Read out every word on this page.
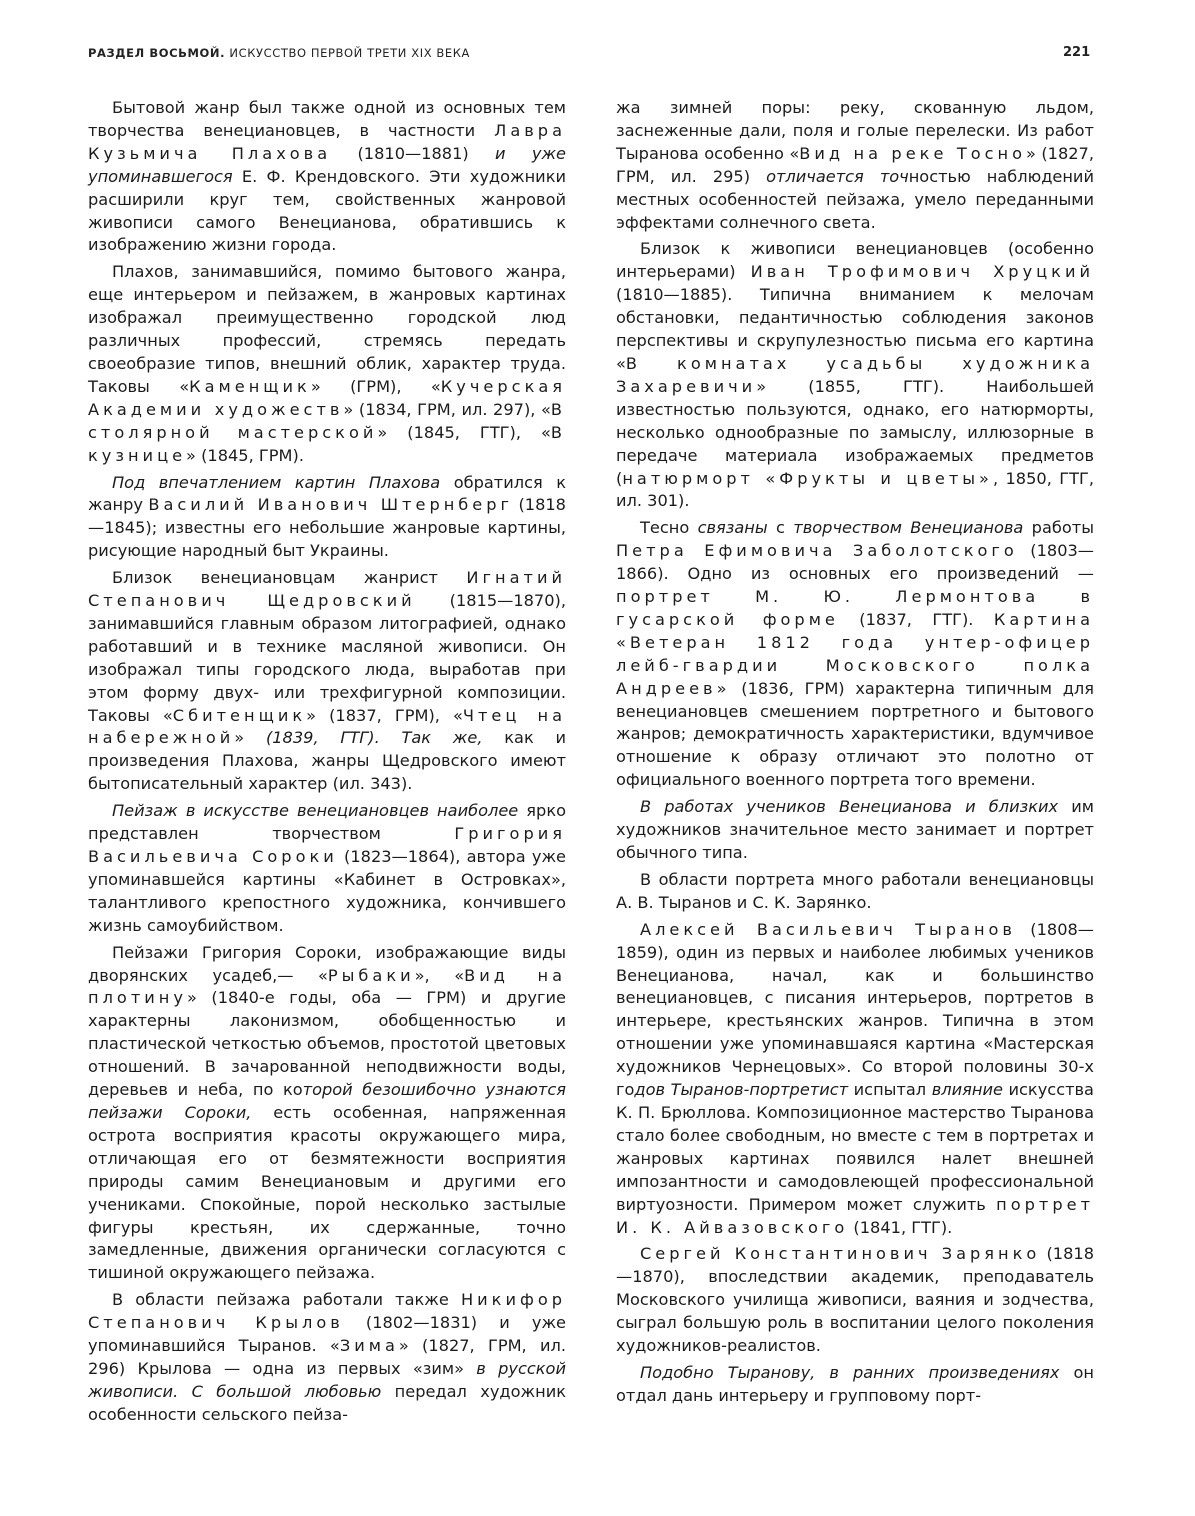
РАЗДЕЛ ВОСЬМОЙ. ИСКУССТВО ПЕРВОЙ ТРЕТИ XIX ВЕКА	221

Бытовой жанр был также одной из основных тем творчества венециановцев, в частности Лавра Кузьмича Плахова (1810—1881) и уже упоминавшегося Е. Ф. Крендовского. Эти художники расширили круг тем, свойственных жанровой живописи самого Венецианова, обратившись к изображению жизни города.

Плахов, занимавшийся, помимо бытового жанра, еще интерьером и пейзажем, в жанровых картинах изображал преимущественно городской люд различных профессий, стремясь передать своеобразие типов, внешний облик, характер труда. Таковы «Каменщик» (ГРМ), «Кучерская Академии художеств» (1834, ГРМ, ил. 297), «В столярной мастерской» (1845, ГТГ), «В кузнице» (1845, ГРМ).

Под впечатлением картин Плахова обратился к жанру Василий Иванович Штернберг (1818—1845); известны его небольшие жанровые картины, рисующие народный быт Украины.

Близок венециановцам жанрист Игнатий Степанович Щедровский (1815—1870), занимавшийся главным образом литографией, однако работавший и в технике масляной живописи. Он изображал типы городского люда, выработав при этом форму двух- или трехфигурной композиции. Таковы «Сбитенщик» (1837, ГРМ), «Чтец на набережной» (1839, ГТГ). Так же, как и произведения Плахова, жанры Щедровского имеют бытописательный характер (ил. 343).

Пейзаж в искусстве венециановцев наиболее ярко представлен творчеством Григория Васильевича Сороки (1823—1864), автора уже упоминавшейся картины «Кабинет в Островках», талантливого крепостного художника, кончившего жизнь самоубийством.

Пейзажи Григория Сороки, изображающие виды дворянских усадеб,— «Рыбаки», «Вид на плотину» (1840-е годы, оба — ГРМ) и другие характерны лаконизмом, обобщенностью и пластической четкостью объемов, простотой цветовых отношений. В зачарованной неподвижности воды, деревьев и неба, по которой безошибочно узнаются пейзажи Сороки, есть особенная, напряженная острота восприятия красоты окружающего мира, отличающая его от безмятежности восприятия природы самим Венециановым и другими его учениками. Спокойные, порой несколько застылые фигуры крестьян, их сдержанные, точно замедленные, движения органически согласуются с тишиной окружающего пейзажа.

В области пейзажа работали также Никифор Степанович Крылов (1802—1831) и уже упоминавшийся Тыранов. «Зима» (1827, ГРМ, ил. 296) Крылова — одна из первых «зим» в русской живописи. С большой любовью передал художник особенности сельского пейза-

жа зимней поры: реку, скованную льдом, заснеженные дали, поля и голые перелески. Из работ Тыранова особенно «Вид на реке Тосно» (1827, ГРМ, ил. 295) отличается точностью наблюдений местных особенностей пейзажа, умело переданными эффектами солнечного света.

Близок к живописи венециановцев (особенно интерьерами) Иван Трофимович Хруцкий (1810—1885). Типична вниманием к мелочам обстановки, педантичностью соблюдения законов перспективы и скрупулезностью письма его картина «В комнатах усадьбы художника Захаревичи» (1855, ГТГ). Наибольшей известностью пользуются, однако, его натюрморты, несколько однообразные по замыслу, иллюзорные в передаче материала изображаемых предметов (натюрморт «Фрукты и цветы», 1850, ГТГ, ил. 301).

Тесно связаны с творчеством Венецианова работы Петра Ефимовича Заболотского (1803—1866). Одно из основных его произведений — портрет М. Ю. Лермонтова в гусарской форме (1837, ГТГ). Картина «Ветеран 1812 года унтер-офицер лейб-гвардии Московского полка Андреев» (1836, ГРМ) характерна типичным для венециановцев смешением портретного и бытового жанров; демократичность характеристики, вдумчивое отношение к образу отличают это полотно от официального военного портрета того времени.

В работах учеников Венецианова и близких им художников значительное место занимает и портрет обычного типа.

В области портрета много работали венециановцы А. В. Тыранов и С. К. Зарянко.

Алексей Васильевич Тыранов (1808—1859), один из первых и наиболее любимых учеников Венецианова, начал, как и большинство венециановцев, с писания интерьеров, портретов в интерьере, крестьянских жанров. Типична в этом отношении уже упоминавшаяся картина «Мастерская художников Чернецовых». Со второй половины 30-х годов Тыранов-портретист испытал влияние искусства К. П. Брюллова. Композиционное мастерство Тыранова стало более свободным, но вместе с тем в портретах и жанровых картинах появился налет внешней импозантности и самодовлеющей профессиональной виртуозности. Примером может служить портрет И. К. Айвазовского (1841, ГТГ).

Сергей Константинович Зарянко (1818—1870), впоследствии академик, преподаватель Московского училища живописи, ваяния и зодчества, сыграл большую роль в воспитании целого поколения художников-реалистов.

Подобно Тыранову, в ранних произведениях он отдал дань интерьеру и групповому порт-
